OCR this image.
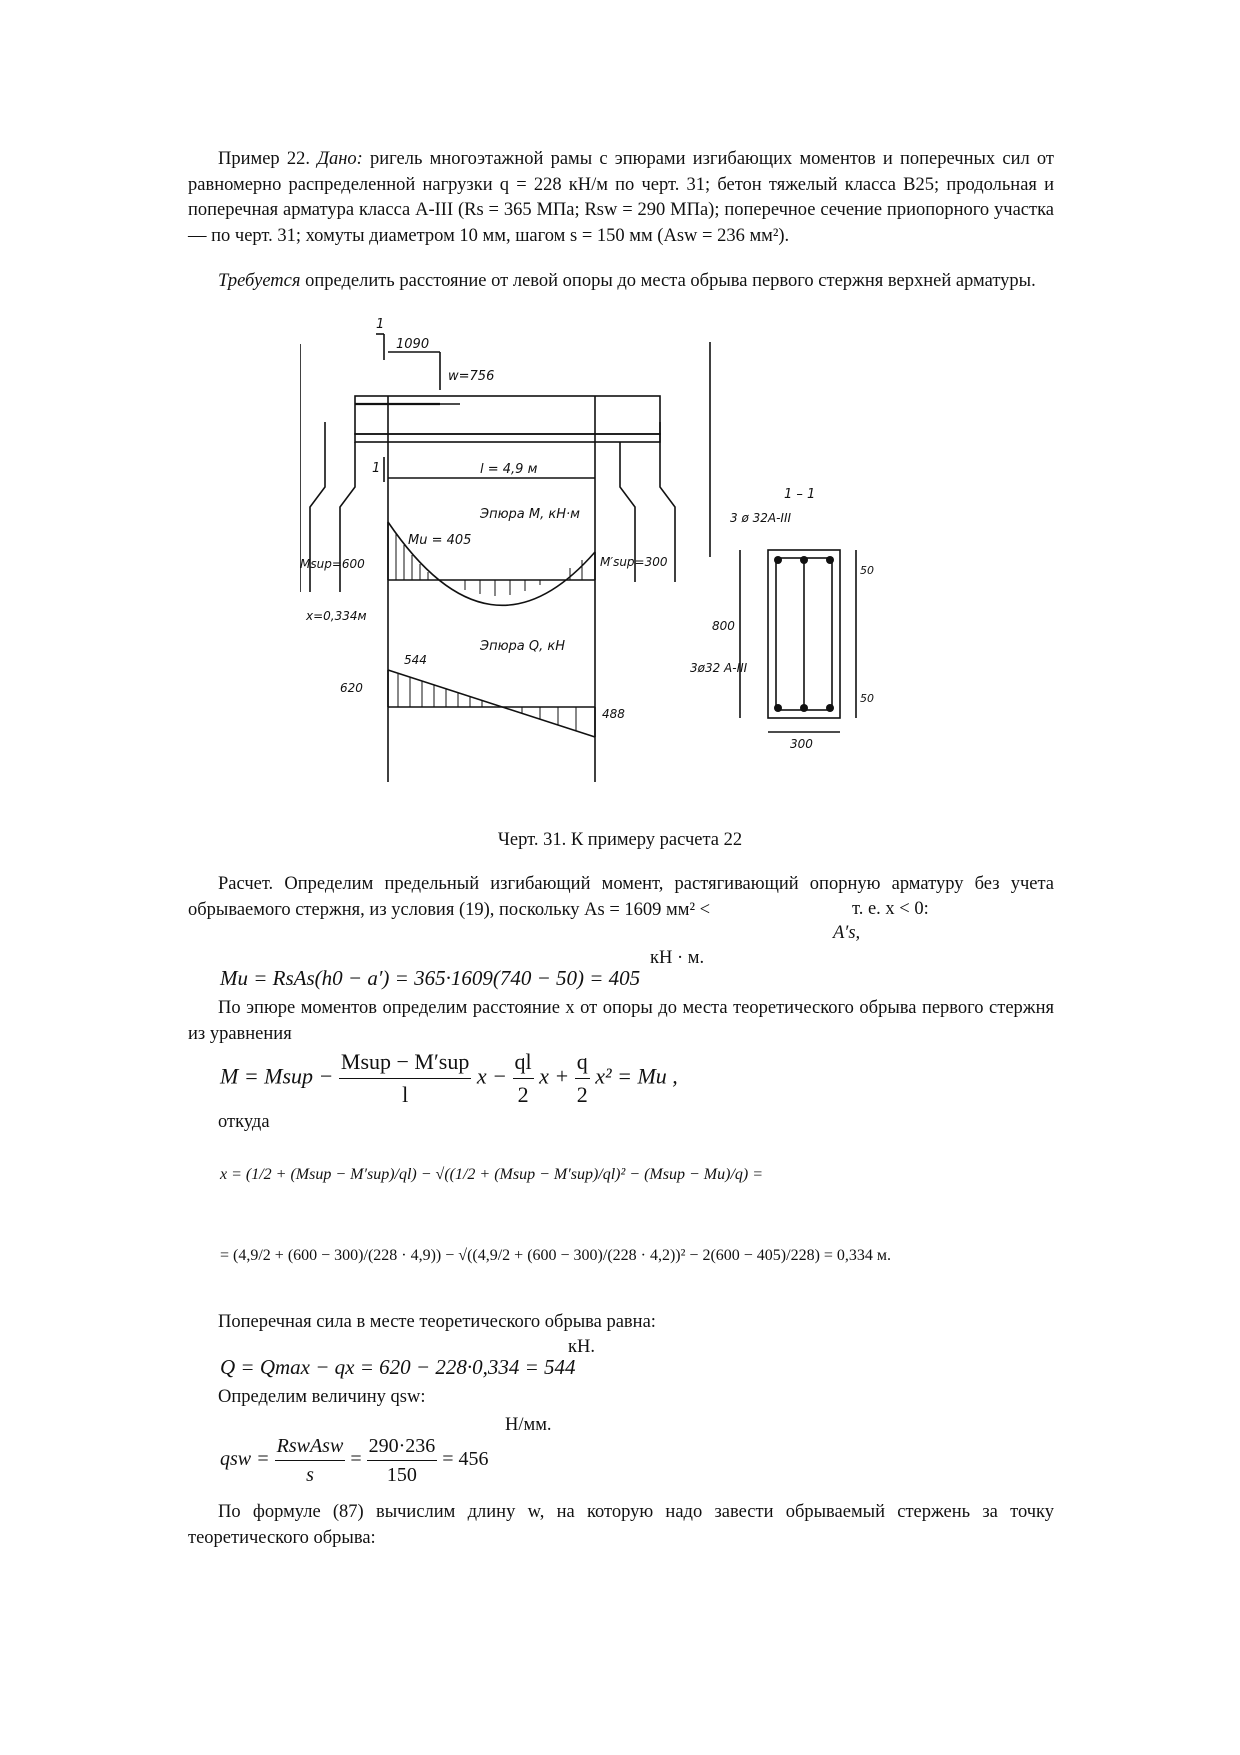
Пример 22. Дано: ригель многоэтажной рамы с эпюрами изгибающих моментов и поперечных сил от равномерно распределенной нагрузки q = 228 кН/м по черт. 31; бетон тяжелый класса В25; продольная и поперечная арматура класса А-III (Rs = 365 МПа; Rsw = 290 МПа); поперечное сечение приопорного участка — по черт. 31; хомуты диаметром 10 мм, шагом s = 150 мм (Asw = 236 мм²).

Требуется определить расстояние от левой опоры до места обрыва первого стержня верхней арматуры.

1
1
1090
w=756
l = 4,9 м
Эпюра М, кН·м
Mu = 405
Msup=600	M′sup=300
x=0,334м
Эпюра Q, кН
544
620
488
1 – 1
3 ø 32А-III
3ø32 А-III
800
50
50
300
Черт. 31. К примеру расчета 22

Расчет. Определим предельный изгибающий момент, растягивающий опорную арматуру без учета обрываемого стержня, из условия (19), поскольку As = 1609 мм² <	т. е. x < 0:
A′s,
кН · м.
Mu = RsAs(h0 − a′) = 365·1609(740 − 50) = 405

По эпюре моментов определим расстояние x от опоры до места теоретического обрыва первого стержня из уравнения

M = Msup − $\frac{\text{Msup − M′sup}}{l}$ $x - \frac{ql}{2}$ $x + \frac{q}{2} x^2 = Mu$ ,
откуда
x = (1/2 + (Msup − M′sup)/ql) − √((1/2 + (Msup − M′sup)/ql)² − (Msup − Mu)/q) =
= (4,9/2 + (600 − 300)/(228 · 4,9)) − √((4,9/2 + (600 − 300)/(228 · 4,2))² − 2(600 − 405)/228) = 0,334 м.

Поперечная сила в месте теоретического обрыва равна:

кН.
Q = Qmax − qx = 620 − 228·0,334 = 544

Определим величину qsw:

Н/мм.
qsw = $\frac{\text{RswAsw}}{s} = \frac{290\cdot 236}{150} = 456$

По формуле (87) вычислим длину w, на которую надо завести обрываемый стержень за точку теоретического обрыва:
